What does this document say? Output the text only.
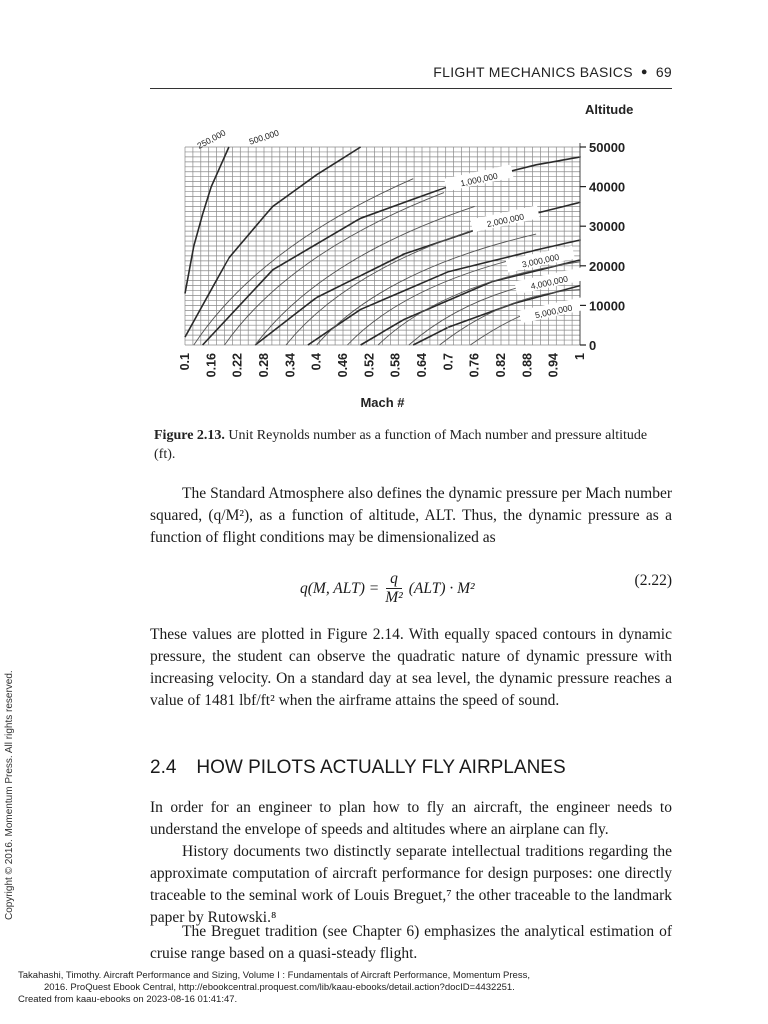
FLIGHT MECHANICS BASICS ● 69
250,000 500,000
1,000,000
2,000,000
3,000,000
4,000,000
5,000,000
0
10000
20000
30000
40000
50000
Altitude
0.1 0.16 0.22 0.28 0.34 0.4 0.46 0.52 0.58 0.64 0.7 0.76 0.82 0.88 0.94 1
Mach #
Figure 2.13. Unit Reynolds number as a function of Mach number and pressure altitude (ft).

The Standard Atmosphere also defines the dynamic pressure per Mach number squared, (q/M²), as a function of altitude, ALT. Thus, the dynamic pressure as a function of flight conditions may be dimensionalized as

q(M, $ALT) = \frac{q}{\text{M²}} (ALT) \cdot M^2$	(2.22)

These values are plotted in Figure 2.14. With equally spaced contours in dynamic pressure, the student can observe the quadratic nature of dynamic pressure with increasing velocity. On a standard day at sea level, the dynamic pressure reaches a value of 1481 lbf/ft² when the airframe attains the speed of sound.

2.4 HOW PILOTS ACTUALLY FLY AIRPLANES

In order for an engineer to plan how to fly an aircraft, the engineer needs to understand the envelope of speeds and altitudes where an airplane can fly.

History documents two distinctly separate intellectual traditions regarding the approximate computation of aircraft performance for design purposes: one directly traceable to the seminal work of Louis Breguet,⁷ the other traceable to the landmark paper by Rutowski.⁸

The Breguet tradition (see Chapter 6) emphasizes the analytical estimation of cruise range based on a quasi-steady flight.

Copyright © 2016. Momentum Press. All rights reserved.
Takahashi, Timothy. Aircraft Performance and Sizing, Volume I : Fundamentals of Aircraft Performance, Momentum Press,
2016. ProQuest Ebook Central, http://ebookcentral.proquest.com/lib/kaau-ebooks/detail.action?docID=4432251.
Created from kaau-ebooks on 2023-08-16 01:41:47.
